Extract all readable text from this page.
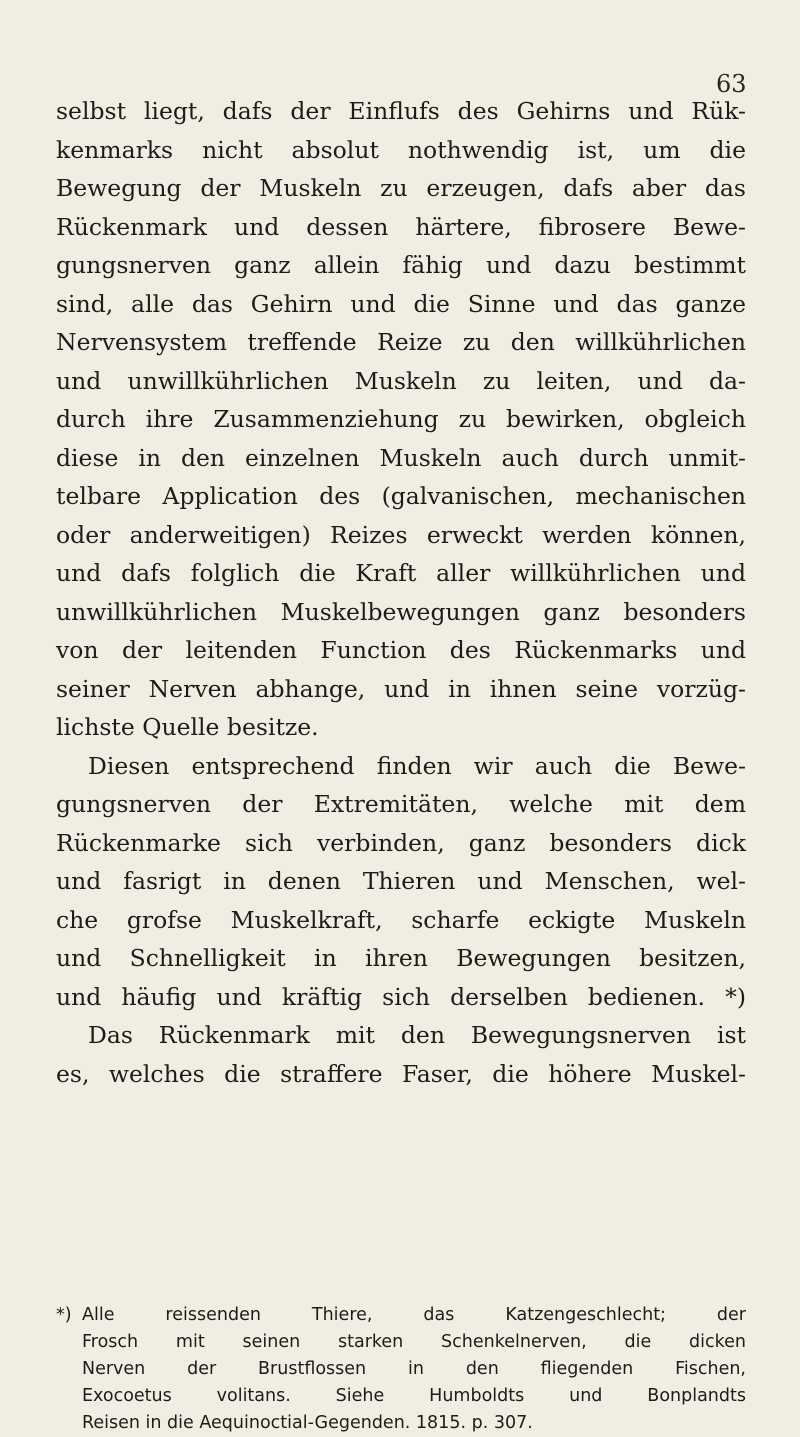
63
selbst liegt, dafs der Einflufs des Gehirns und Rük-
kenmarks nicht absolut nothwendig ist, um die
Bewegung der Muskeln zu erzeugen, dafs aber das
Rückenmark und dessen härtere, fibrosere Bewe-
gungsnerven ganz allein fähig und dazu bestimmt
sind, alle das Gehirn und die Sinne und das ganze
Nervensystem treffende Reize zu den willkührlichen
und unwillkührlichen Muskeln zu leiten, und da-
durch ihre Zusammenziehung zu bewirken, obgleich
diese in den einzelnen Muskeln auch durch unmit-
telbare Application des (galvanischen, mechanischen
oder anderweitigen) Reizes erweckt werden können,
und dafs folglich die Kraft aller willkührlichen und
unwillkührlichen Muskelbewegungen ganz besonders
von der leitenden Function des Rückenmarks und
seiner Nerven abhange, und in ihnen seine vorzüg-
lichste Quelle besitze.
Diesen entsprechend finden wir auch die Bewe-
gungsnerven der Extremitäten, welche mit dem
Rückenmarke sich verbinden, ganz besonders dick
und fasrigt in denen Thieren und Menschen, wel-
che grofse Muskelkraft, scharfe eckigte Muskeln
und Schnelligkeit in ihren Bewegungen besitzen,
und häufig und kräftig sich derselben bedienen. *)
Das Rückenmark mit den Bewegungsnerven ist
es, welches die straffere Faser, die höhere Muskel-
*) Alle reissenden Thiere, das Katzengeschlecht; der
Frosch mit seinen starken Schenkelnerven, die dicken
Nerven der Brustflossen in den fliegenden Fischen,
Exocoetus volitans. Siehe Humboldts und Bonplandts
Reisen in die Aequinoctial-Gegenden. 1815. p. 307.
